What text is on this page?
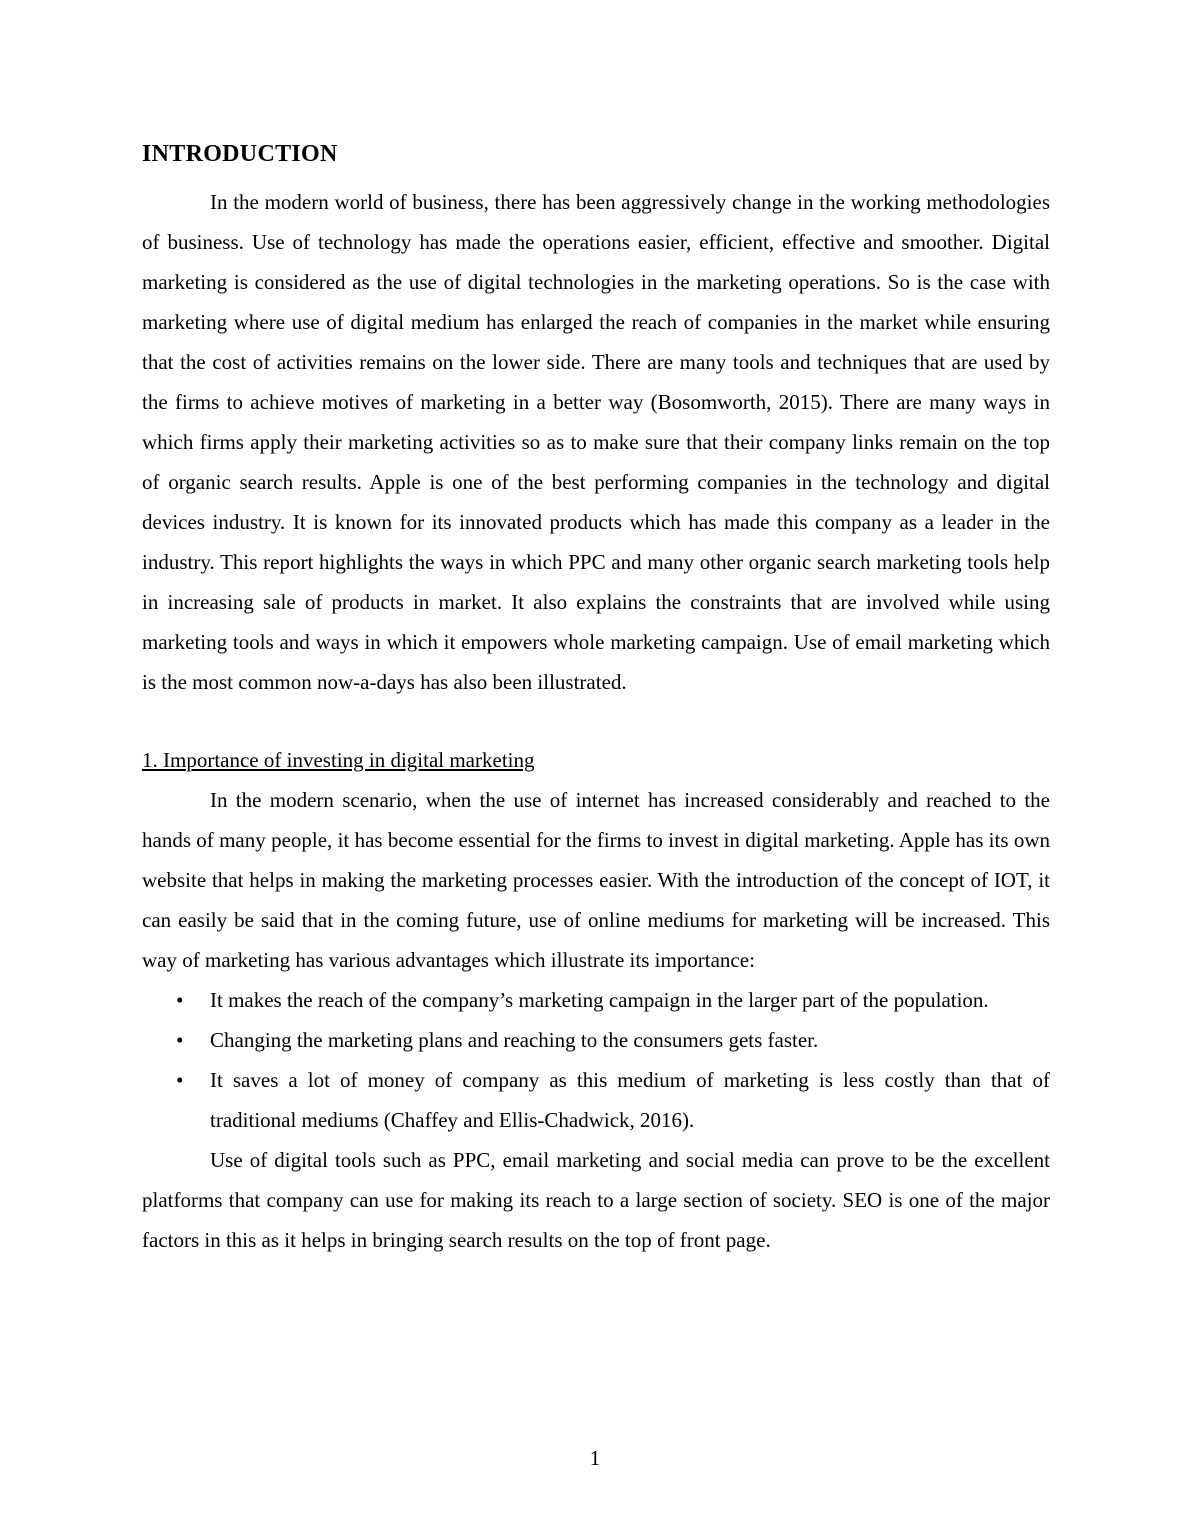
INTRODUCTION

In the modern world of business, there has been aggressively change in the working methodologies of business. Use of technology has made the operations easier, efficient, effective and smoother. Digital marketing is considered as the use of digital technologies in the marketing operations. So is the case with marketing where use of digital medium has enlarged the reach of companies in the market while ensuring that the cost of activities remains on the lower side. There are many tools and techniques that are used by the firms to achieve motives of marketing in a better way (Bosomworth, 2015). There are many ways in which firms apply their marketing activities so as to make sure that their company links remain on the top of organic search results. Apple is one of the best performing companies in the technology and digital devices industry. It is known for its innovated products which has made this company as a leader in the industry. This report highlights the ways in which PPC and many other organic search marketing tools help in increasing sale of products in market. It also explains the constraints that are involved while using marketing tools and ways in which it empowers whole marketing campaign. Use of email marketing which is the most common now-a-days has also been illustrated.

1. Importance of investing in digital marketing

In the modern scenario, when the use of internet has increased considerably and reached to the hands of many people, it has become essential for the firms to invest in digital marketing. Apple has its own website that helps in making the marketing processes easier. With the introduction of the concept of IOT, it can easily be said that in the coming future, use of online mediums for marketing will be increased. This way of marketing has various advantages which illustrate its importance:

• It makes the reach of the company’s marketing campaign in the larger part of the population.
• Changing the marketing plans and reaching to the consumers gets faster.
• It saves a lot of money of company as this medium of marketing is less costly than that of traditional mediums (Chaffey and Ellis-Chadwick, 2016).

Use of digital tools such as PPC, email marketing and social media can prove to be the excellent platforms that company can use for making its reach to a large section of society. SEO is one of the major factors in this as it helps in bringing search results on the top of front page.

1
